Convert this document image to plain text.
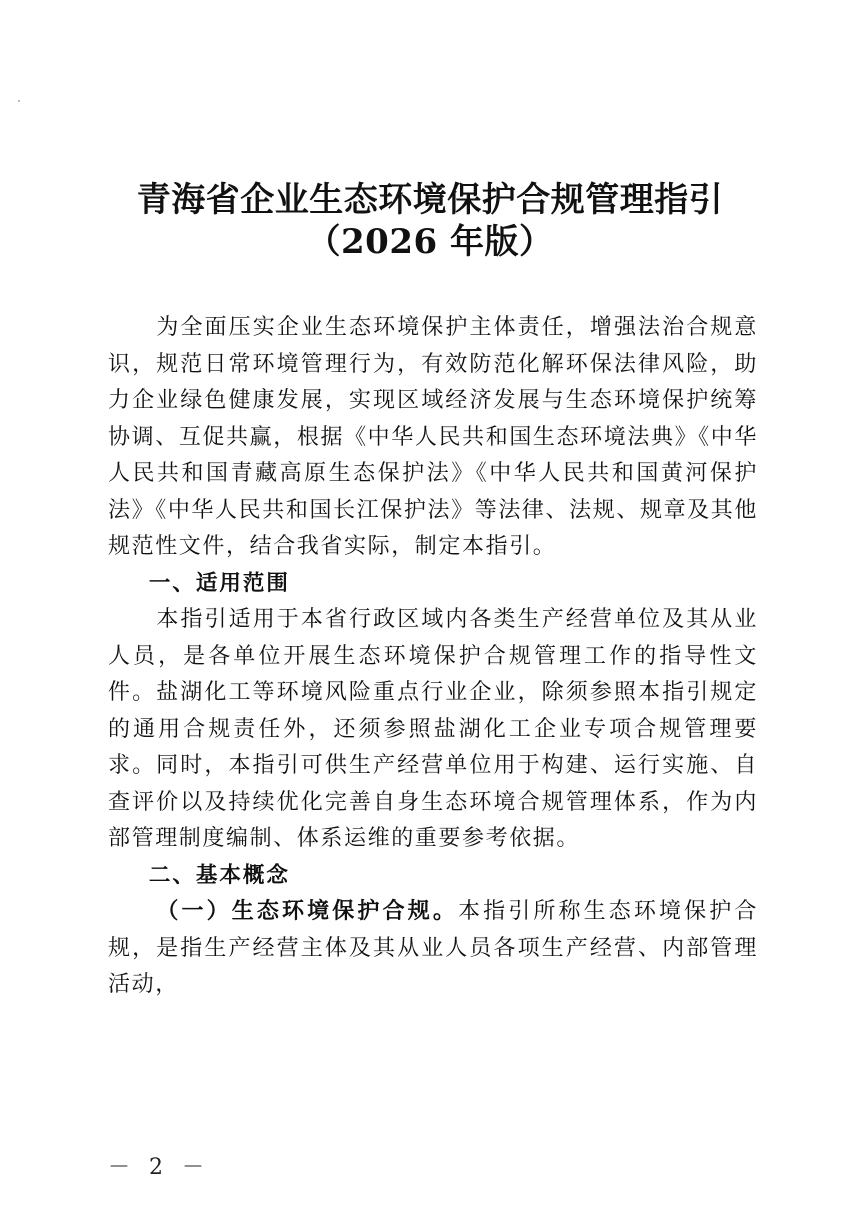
青海省企业生态环境保护合规管理指引
（2026 年版）

为全面压实企业生态环境保护主体责任，增强法治合规意识，规范日常环境管理行为，有效防范化解环保法律风险，助力企业绿色健康发展，实现区域经济发展与生态环境保护统筹协调、互促共赢，根据《中华人民共和国生态环境法典》《中华人民共和国青藏高原生态保护法》《中华人民共和国黄河保护法》《中华人民共和国长江保护法》等法律、法规、规章及其他规范性文件，结合我省实际，制定本指引。

一、适用范围

本指引适用于本省行政区域内各类生产经营单位及其从业人员，是各单位开展生态环境保护合规管理工作的指导性文件。盐湖化工等环境风险重点行业企业，除须参照本指引规定的通用合规责任外，还须参照盐湖化工企业专项合规管理要求。同时，本指引可供生产经营单位用于构建、运行实施、自查评价以及持续优化完善自身生态环境合规管理体系，作为内部管理制度编制、体系运维的重要参考依据。

二、基本概念

（一）生态环境保护合规。本指引所称生态环境保护合规，是指生产经营主体及其从业人员各项生产经营、内部管理活动，

－ 2 －
